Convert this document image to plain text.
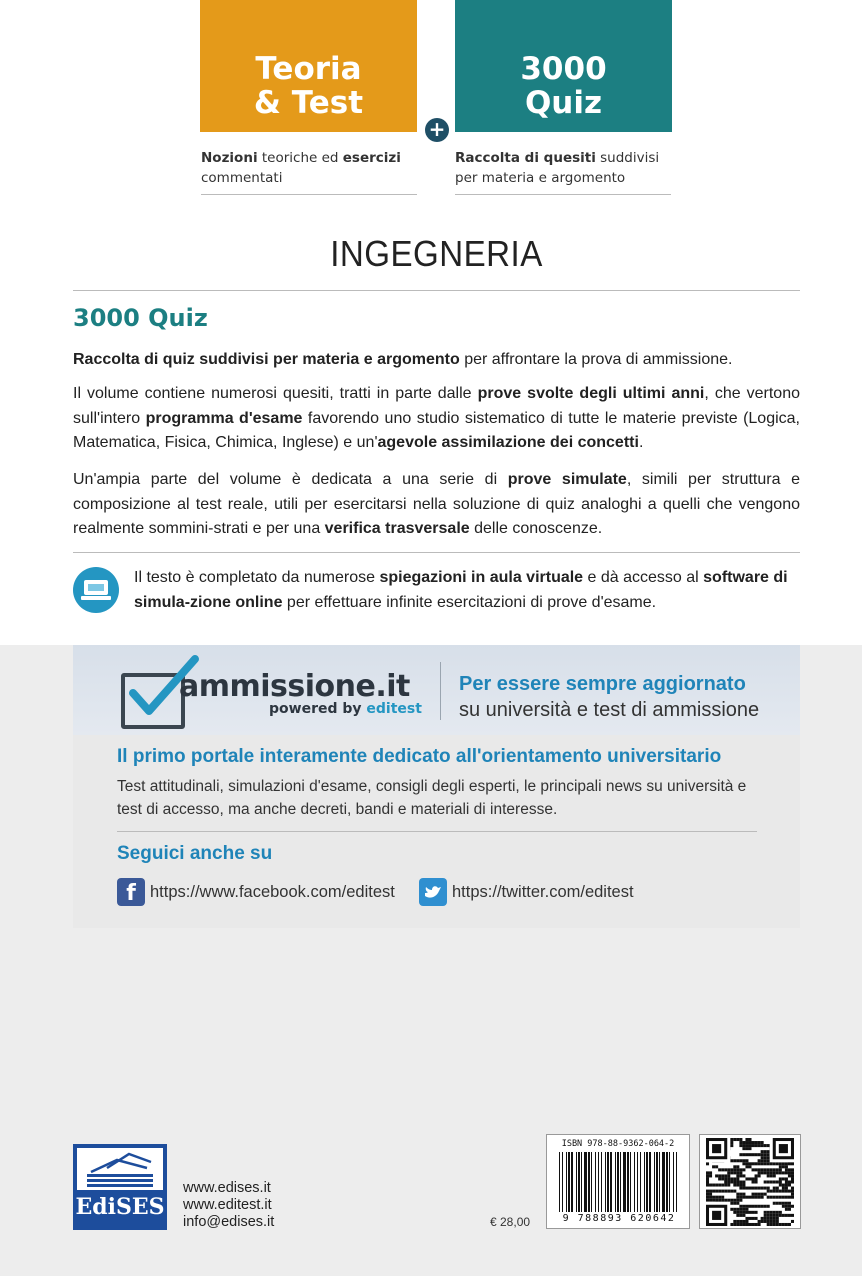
Teoria
& Test
3000
Quiz
+
Nozioni teoriche ed esercizi commentati
Raccolta di quesiti suddivisi per materia e argomento
INGEGNERIA
3000 Quiz
Raccolta di quiz suddivisi per materia e argomento per affrontare la prova di ammissione.
Il volume contiene numerosi quesiti, tratti in parte dalle prove svolte degli ultimi anni, che vertono sull'intero programma d'esame favorendo uno studio sistematico di tutte le materie previste (Logica, Matematica, Fisica, Chimica, Inglese) e un'agevole assimilazione dei concetti.
Un'ampia parte del volume è dedicata a una serie di prove simulate, simili per struttura e composizione al test reale, utili per esercitarsi nella soluzione di quiz analoghi a quelli che vengono realmente sommini-strati e per una verifica trasversale delle conoscenze.
Il testo è completato da numerose spiegazioni in aula virtuale e dà accesso al software di simula-zione online per effettuare infinite esercitazioni di prove d'esame.
ammissione.it
powered by editest
Per essere sempre aggiornato
su università e test di ammissione
Il primo portale interamente dedicato all'orientamento universitario
Test attitudinali, simulazioni d'esame, consigli degli esperti, le principali news su università e test di accesso, ma anche decreti, bandi e materiali di interesse.
Seguici anche su
f https://www.facebook.com/editest	https://twitter.com/editest
EdiSES
www.edises.it
www.editest.it
info@edises.it	€ 28,00
ISBN 978-88-9362-064-2
9 788893 620642
